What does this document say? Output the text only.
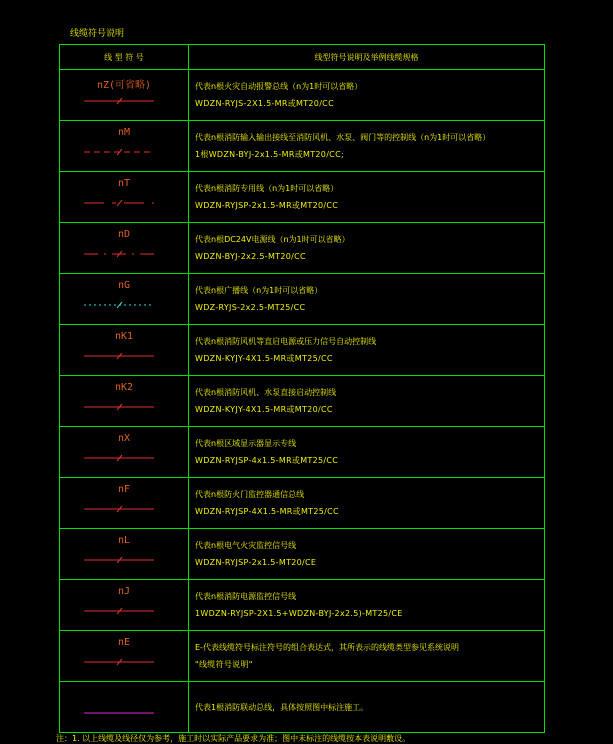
线缆符号说明
线 型 符 号	线型符号说明及举例线缆规格

nZ(可省略)	代表n根火灾自动报警总线（n为1时可以省略）
WDZN-RYJS-2X1.5-MR或MT20/CC

nM	代表n根消防输入输出接线至消防风机、水泵、阀门等的控制线（n为1时可以省略）
1根WDZN-BYJ-2x1.5-MR或MT20/CC;

nT	代表n根消防专用线（n为1时可以省略）
WDZN-RYJSP-2x1.5-MR或MT20/CC

nD	代表n根DC24V电源线（n为1时可以省略）
WDZN-BYJ-2x2.5-MT20/CC

nG	代表n根广播线（n为1时可以省略）
WDZ-RYJS-2x2.5-MT25/CC

nK1	代表n根消防风机等直启电源或压力信号自动控制线
WDZN-KYJY-4X1.5-MR或MT25/CC

nK2	代表n根消防风机、水泵直接启动控制线
WDZN-KYJY-4X1.5-MR或MT20/CC

nX	代表n根区域显示器显示专线
WDZN-RYJSP-4x1.5-MR或MT25/CC

nF	代表n根防火门监控器通信总线
WDZN-RYJSP-4X1.5-MR或MT25/CC

nL	代表n根电气火灾监控信号线
WDZN-RYJSP-2x1.5-MT20/CE

nJ	代表n根消防电源监控信号线
1WDZN-RYJSP-2X1.5+WDZN-BYJ-2x2.5)-MT25/CE

nE	E-代表线缆符号标注符号的组合表达式，其所表示的线缆类型参见系统说明
"线缆符号说明"

代表1根消防联动总线，具体按照图中标注施工。
注：1. 以上线缆及线径仅为参考，施工时以实际产品要求为准；图中未标注的线缆按本表说明敷设。
